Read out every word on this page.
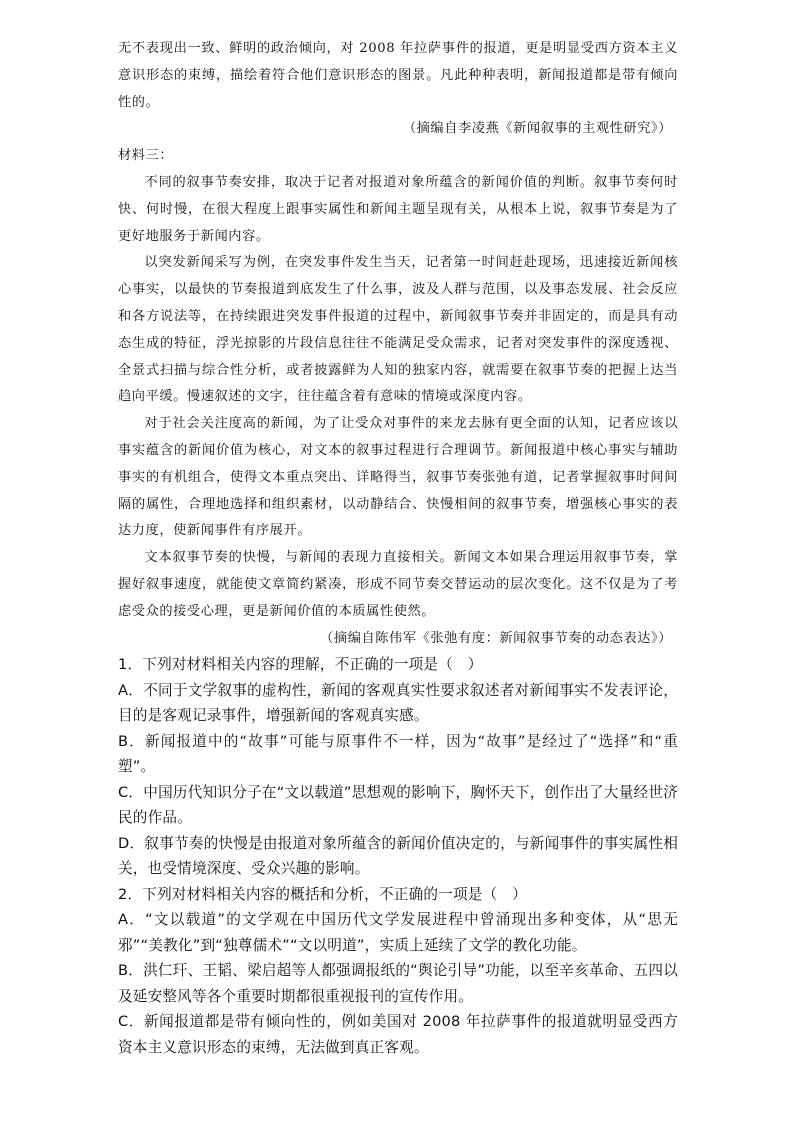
无不表现出一致、鲜明的政治倾向，对 2008 年拉萨事件的报道，更是明显受西方资本主义意识形态的束缚，描绘着符合他们意识形态的图景。凡此种种表明，新闻报道都是带有倾向性的。

（摘编自李凌燕《新闻叙事的主观性研究》）

材料三：

不同的叙事节奏安排，取决于记者对报道对象所蕴含的新闻价值的判断。叙事节奏何时快、何时慢，在很大程度上跟事实属性和新闻主题呈现有关，从根本上说，叙事节奏是为了更好地服务于新闻内容。

以突发新闻采写为例，在突发事件发生当天，记者第一时间赶赴现场，迅速接近新闻核心事实，以最快的节奏报道到底发生了什么事，波及人群与范围，以及事态发展、社会反应和各方说法等，在持续跟进突发事件报道的过程中，新闻叙事节奏并非固定的，而是具有动态生成的特征，浮光掠影的片段信息往往不能满足受众需求，记者对突发事件的深度透视、全景式扫描与综合性分析，或者披露鲜为人知的独家内容，就需要在叙事节奏的把握上达当趋向平缓。慢速叙述的文字，往往蕴含着有意味的情境或深度内容。

对于社会关注度高的新闻，为了让受众对事件的来龙去脉有更全面的认知，记者应该以事实蕴含的新闻价值为核心，对文本的叙事过程进行合理调节。新闻报道中核心事实与辅助事实的有机组合，使得文本重点突出、详略得当，叙事节奏张弛有道，记者掌握叙事时间间隔的属性，合理地选择和组织素材，以动静结合、快慢相间的叙事节奏，增强核心事实的表达力度，使新闻事件有序展开。

文本叙事节奏的快慢，与新闻的表现力直接相关。新闻文本如果合理运用叙事节奏，掌握好叙事速度，就能使文章简约紧凑，形成不同节奏交替运动的层次变化。这不仅是为了考虑受众的接受心理，更是新闻价值的本质属性使然。

（摘编自陈伟军《张弛有度：新闻叙事节奏的动态表达》）

1．下列对材料相关内容的理解，不正确的一项是（　）

A．不同于文学叙事的虚构性，新闻的客观真实性要求叙述者对新闻事实不发表评论，目的是客观记录事件，增强新闻的客观真实感。

B．新闻报道中的“故事”可能与原事件不一样，因为“故事”是经过了“选择”和“重塑”。

C．中国历代知识分子在“文以载道”思想观的影响下，胸怀天下，创作出了大量经世济民的作品。

D．叙事节奏的快慢是由报道对象所蕴含的新闻价值决定的，与新闻事件的事实属性相关，也受情境深度、受众兴趣的影响。

2．下列对材料相关内容的概括和分析，不正确的一项是（　）

A．“文以载道”的文学观在中国历代文学发展进程中曾涌现出多种变体，从“思无邪”“美教化”到“独尊儒术”“文以明道”，实质上延续了文学的教化功能。

B．洪仁玕、王韬、梁启超等人都强调报纸的“舆论引导”功能，以至辛亥革命、五四以及延安整风等各个重要时期都很重视报刊的宣传作用。

C．新闻报道都是带有倾向性的，例如美国对 2008 年拉萨事件的报道就明显受西方资本主义意识形态的束缚，无法做到真正客观。
